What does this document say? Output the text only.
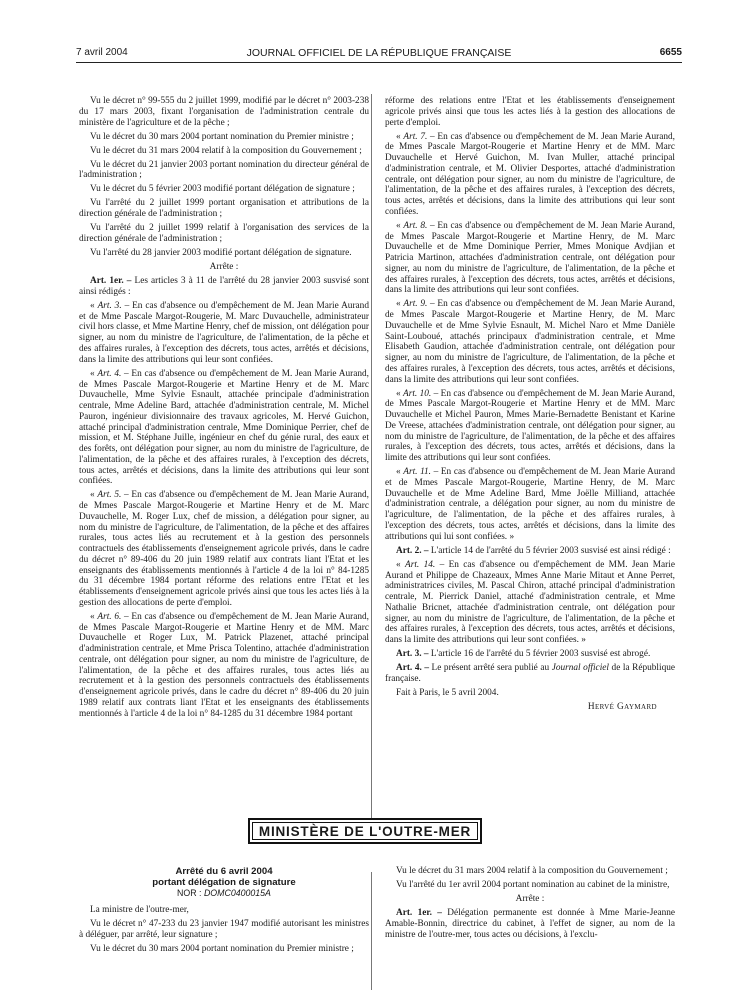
7 avril 2004	JOURNAL OFFICIEL DE LA RÉPUBLIQUE FRANÇAISE	6655

Vu le décret n° 99-555 du 2 juillet 1999, modifié par le décret n° 2003-238 du 17 mars 2003, fixant l'organisation de l'administration centrale du ministère de l'agriculture et de la pêche ;

Vu le décret du 30 mars 2004 portant nomination du Premier ministre ;

Vu le décret du 31 mars 2004 relatif à la composition du Gouvernement ;

Vu le décret du 21 janvier 2003 portant nomination du directeur général de l'administration ;

Vu le décret du 5 février 2003 modifié portant délégation de signature ;

Vu l'arrêté du 2 juillet 1999 portant organisation et attributions de la direction générale de l'administration ;

Vu l'arrêté du 2 juillet 1999 relatif à l'organisation des services de la direction générale de l'administration ;

Vu l'arrêté du 28 janvier 2003 modifié portant délégation de signature.

Arrête :

Art. 1er. – Les articles 3 à 11 de l'arrêté du 28 janvier 2003 susvisé sont ainsi rédigés :

« Art. 3. – En cas d'absence ou d'empêchement de M. Jean Marie Aurand et de Mme Pascale Margot-Rougerie, M. Marc Duvauchelle, administrateur civil hors classe, et Mme Martine Henry, chef de mission, ont délégation pour signer, au nom du ministre de l'agriculture, de l'alimentation, de la pêche et des affaires rurales, à l'exception des décrets, tous actes, arrêtés et décisions, dans la limite des attributions qui leur sont confiées.

« Art. 4. – En cas d'absence ou d'empêchement de M. Jean Marie Aurand, de Mmes Pascale Margot-Rougerie et Martine Henry et de M. Marc Duvauchelle, Mme Sylvie Esnault, attachée principale d'administration centrale, Mme Adeline Bard, attachée d'administration centrale, M. Michel Pauron, ingénieur divisionnaire des travaux agricoles, M. Hervé Guichon, attaché principal d'administration centrale, Mme Dominique Perrier, chef de mission, et M. Stéphane Juille, ingénieur en chef du génie rural, des eaux et des forêts, ont délégation pour signer, au nom du ministre de l'agriculture, de l'alimentation, de la pêche et des affaires rurales, à l'exception des décrets, tous actes, arrêtés et décisions, dans la limite des attributions qui leur sont confiées.

« Art. 5. – En cas d'absence ou d'empêchement de M. Jean Marie Aurand, de Mmes Pascale Margot-Rougerie et Martine Henry et de M. Marc Duvauchelle, M. Roger Lux, chef de mission, a délégation pour signer, au nom du ministre de l'agriculture, de l'alimentation, de la pêche et des affaires rurales, tous actes liés au recrutement et à la gestion des personnels contractuels des établissements d'enseignement agricole privés, dans le cadre du décret n° 89-406 du 20 juin 1989 relatif aux contrats liant l'Etat et les enseignants des établissements mentionnés à l'article 4 de la loi n° 84-1285 du 31 décembre 1984 portant réforme des relations entre l'Etat et les établissements d'enseignement agricole privés ainsi que tous les actes liés à la gestion des allocations de perte d'emploi.

« Art. 6. – En cas d'absence ou d'empêchement de M. Jean Marie Aurand, de Mmes Pascale Margot-Rougerie et Martine Henry et de MM. Marc Duvauchelle et Roger Lux, M. Patrick Plazenet, attaché principal d'administration centrale, et Mme Prisca Tolentino, attachée d'administration centrale, ont délégation pour signer, au nom du ministre de l'agriculture, de l'alimentation, de la pêche et des affaires rurales, tous actes liés au recrutement et à la gestion des personnels contractuels des établissements d'enseignement agricole privés, dans le cadre du décret n° 89-406 du 20 juin 1989 relatif aux contrats liant l'Etat et les enseignants des établissements mentionnés à l'article 4 de la loi n° 84-1285 du 31 décembre 1984 portant

réforme des relations entre l'Etat et les établissements d'enseignement agricole privés ainsi que tous les actes liés à la gestion des allocations de perte d'emploi.

« Art. 7. – En cas d'absence ou d'empêchement de M. Jean Marie Aurand, de Mmes Pascale Margot-Rougerie et Martine Henry et de MM. Marc Duvauchelle et Hervé Guichon, M. Ivan Muller, attaché principal d'administration centrale, et M. Olivier Desportes, attaché d'administration centrale, ont délégation pour signer, au nom du ministre de l'agriculture, de l'alimentation, de la pêche et des affaires rurales, à l'exception des décrets, tous actes, arrêtés et décisions, dans la limite des attributions qui leur sont confiées.

« Art. 8. – En cas d'absence ou d'empêchement de M. Jean Marie Aurand, de Mmes Pascale Margot-Rougerie et Martine Henry, de M. Marc Duvauchelle et de Mme Dominique Perrier, Mmes Monique Avdjian et Patricia Martinon, attachées d'administration centrale, ont délégation pour signer, au nom du ministre de l'agriculture, de l'alimentation, de la pêche et des affaires rurales, à l'exception des décrets, tous actes, arrêtés et décisions, dans la limite des attributions qui leur sont confiées.

« Art. 9. – En cas d'absence ou d'empêchement de M. Jean Marie Aurand, de Mmes Pascale Margot-Rougerie et Martine Henry, de M. Marc Duvauchelle et de Mme Sylvie Esnault, M. Michel Naro et Mme Danièle Saint-Louboué, attachés principaux d'administration centrale, et Mme Elisabeth Gaudion, attachée d'administration centrale, ont délégation pour signer, au nom du ministre de l'agriculture, de l'alimentation, de la pêche et des affaires rurales, à l'exception des décrets, tous actes, arrêtés et décisions, dans la limite des attributions qui leur sont confiées.

« Art. 10. – En cas d'absence ou d'empêchement de M. Jean Marie Aurand, de Mmes Pascale Margot-Rougerie et Martine Henry et de MM. Marc Duvauchelle et Michel Pauron, Mmes Marie-Bernadette Benistant et Karine De Vreese, attachées d'administration centrale, ont délégation pour signer, au nom du ministre de l'agriculture, de l'alimentation, de la pêche et des affaires rurales, à l'exception des décrets, tous actes, arrêtés et décisions, dans la limite des attributions qui leur sont confiées.

« Art. 11. – En cas d'absence ou d'empêchement de M. Jean Marie Aurand et de Mmes Pascale Margot-Rougerie, Martine Henry, de M. Marc Duvauchelle et de Mme Adeline Bard, Mme Joëlle Milliand, attachée d'administration centrale, a délégation pour signer, au nom du ministre de l'agriculture, de l'alimentation, de la pêche et des affaires rurales, à l'exception des décrets, tous actes, arrêtés et décisions, dans la limite des attributions qui lui sont confiées. »

Art. 2. – L'article 14 de l'arrêté du 5 février 2003 susvisé est ainsi rédigé :

« Art. 14. – En cas d'absence ou d'empêchement de MM. Jean Marie Aurand et Philippe de Chazeaux, Mmes Anne Marie Mitaut et Anne Perret, administratrices civiles, M. Pascal Chiron, attaché principal d'administration centrale, M. Pierrick Daniel, attaché d'administration centrale, et Mme Nathalie Bricnet, attachée d'administration centrale, ont délégation pour signer, au nom du ministre de l'agriculture, de l'alimentation, de la pêche et des affaires rurales, à l'exception des décrets, tous actes, arrêtés et décisions, dans la limite des attributions qui leur sont confiées. »

Art. 3. – L'article 16 de l'arrêté du 5 février 2003 susvisé est abrogé.

Art. 4. – Le présent arrêté sera publié au Journal officiel de la République française.

Fait à Paris, le 5 avril 2004.

Hervé Gaymard

MINISTÈRE DE L'OUTRE-MER

Arrêté du 6 avril 2004

portant délégation de signature

NOR : DOMC0400015A

La ministre de l'outre-mer,

Vu le décret n° 47-233 du 23 janvier 1947 modifié autorisant les ministres à déléguer, par arrêté, leur signature ;

Vu le décret du 30 mars 2004 portant nomination du Premier ministre ;

Vu le décret du 31 mars 2004 relatif à la composition du Gouvernement ;

Vu l'arrêté du 1er avril 2004 portant nomination au cabinet de la ministre,

Arrête :

Art. 1er. – Délégation permanente est donnée à Mme Marie-Jeanne Amable-Bonnin, directrice du cabinet, à l'effet de signer, au nom de la ministre de l'outre-mer, tous actes ou décisions, à l'exclu-
